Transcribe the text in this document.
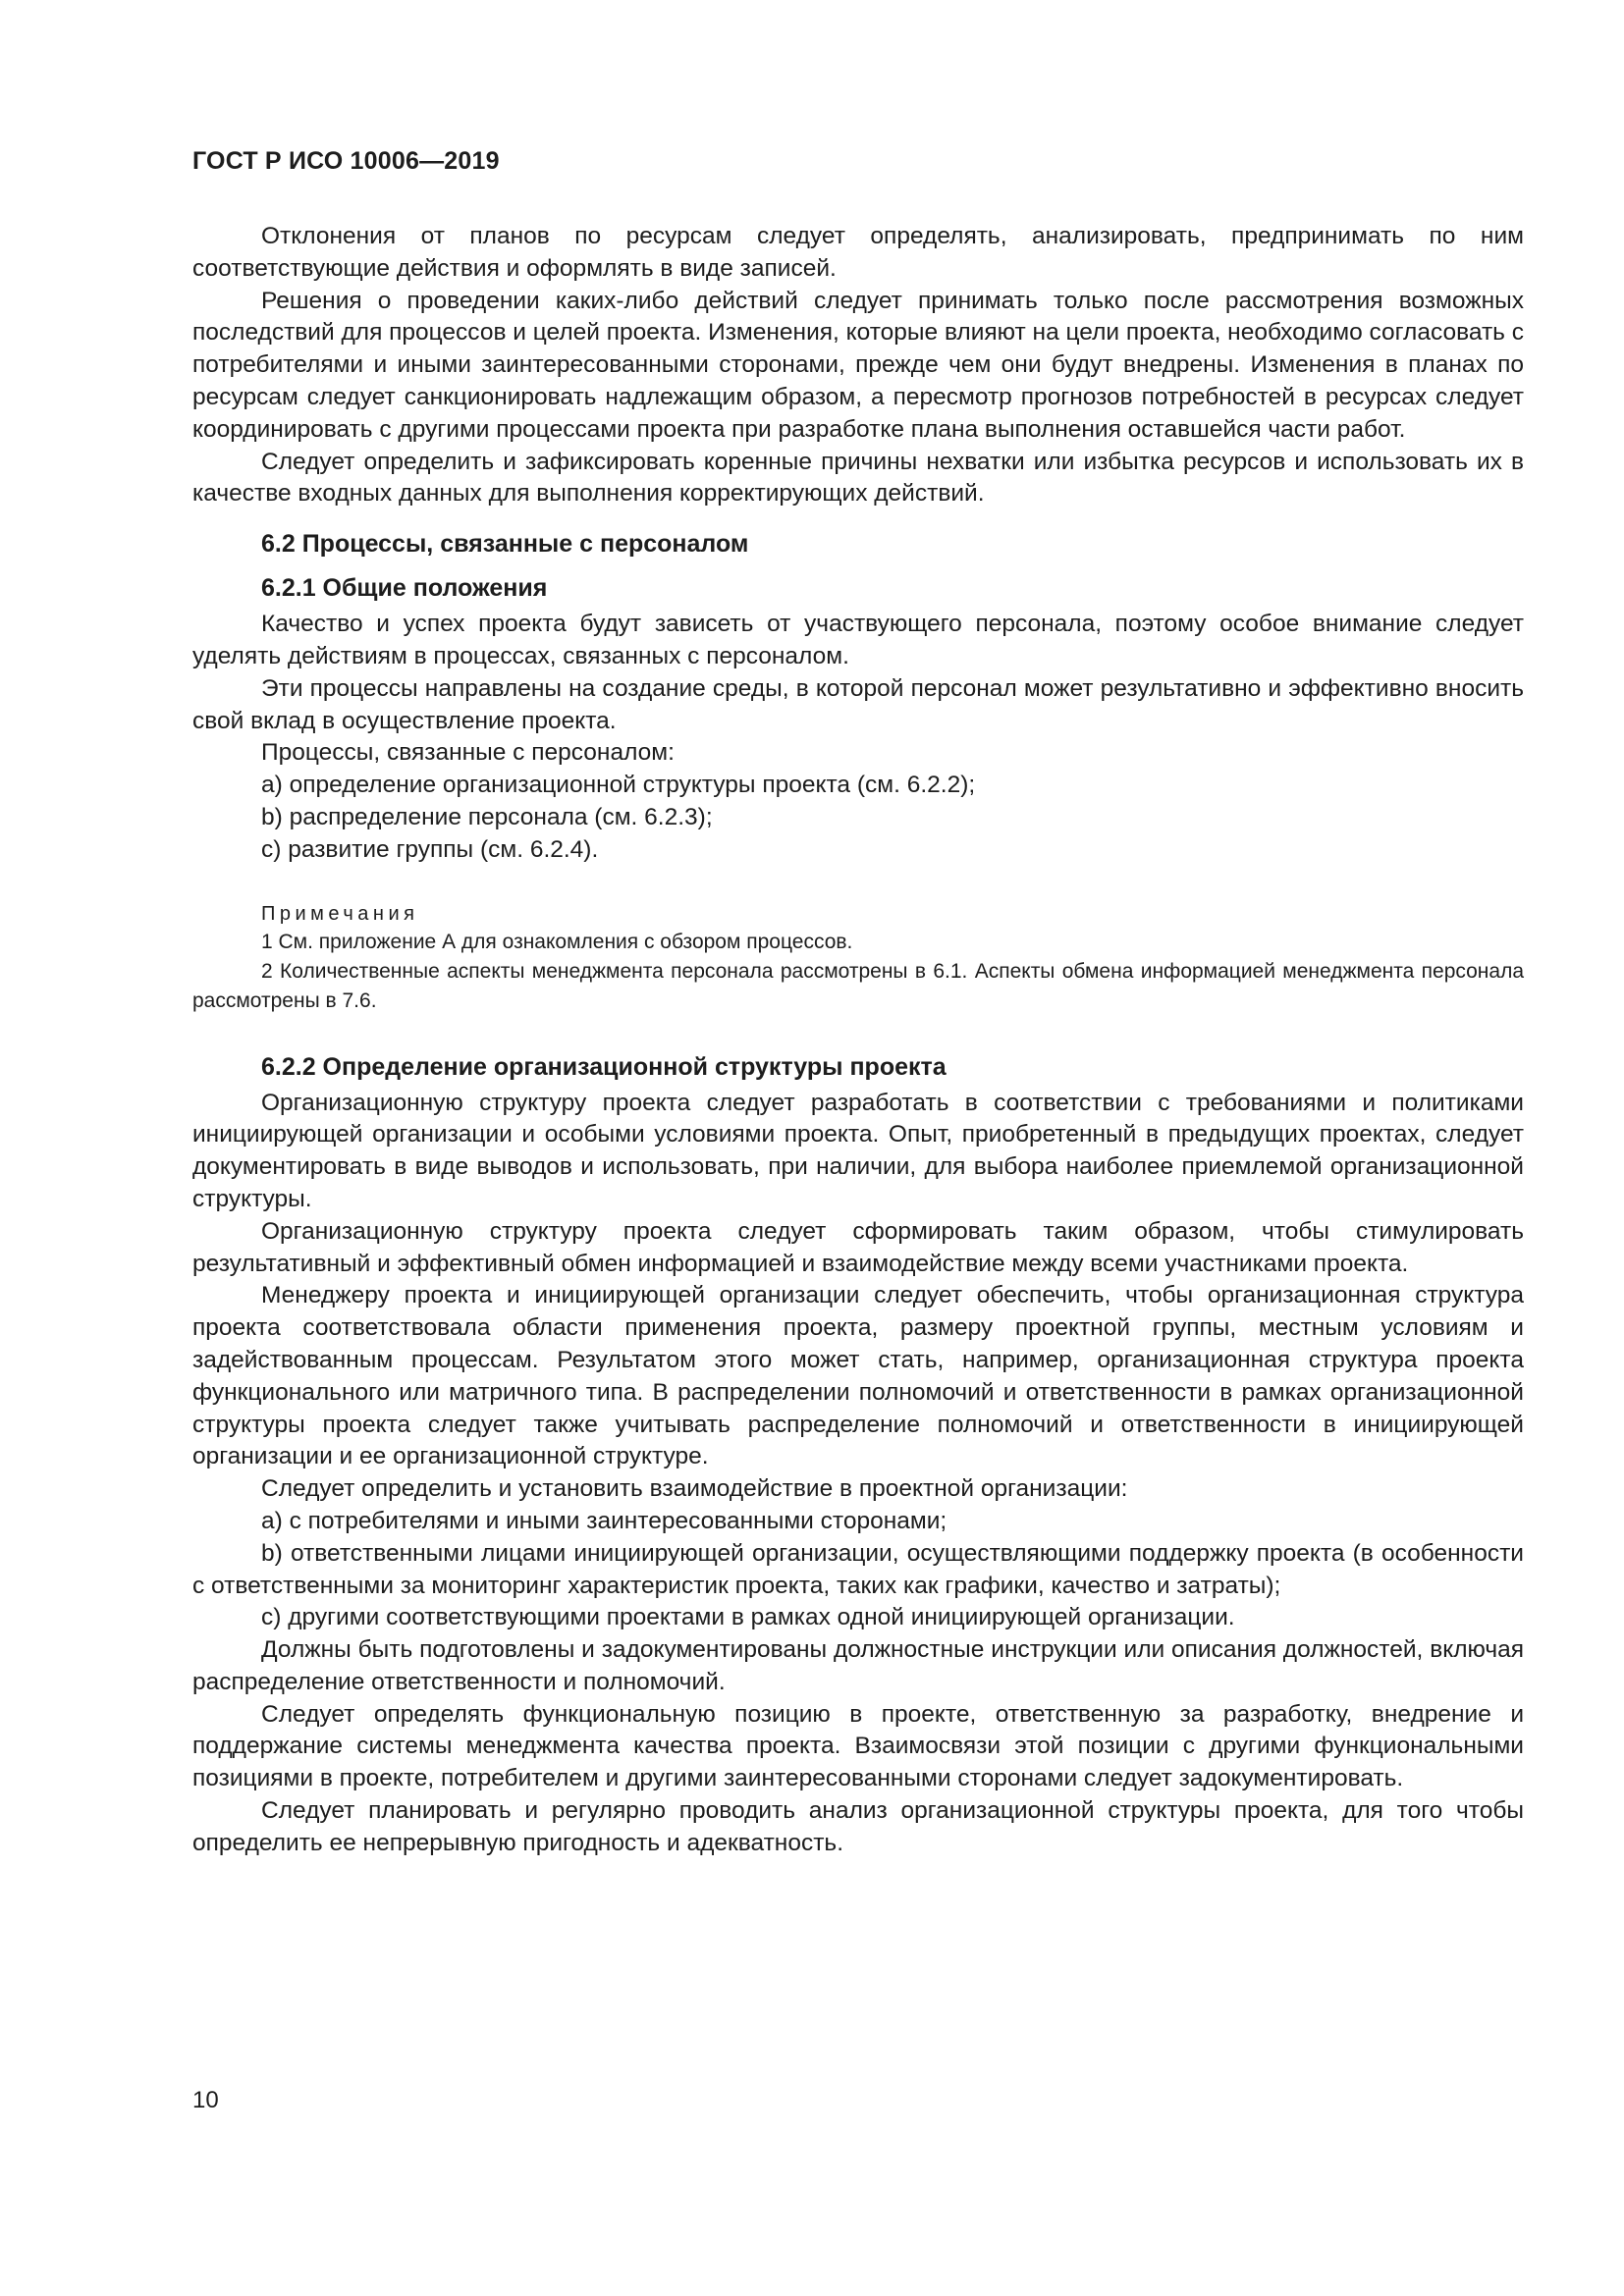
ГОСТ Р ИСО 10006—2019

Отклонения от планов по ресурсам следует определять, анализировать, предпринимать по ним соответствующие действия и оформлять в виде записей.

Решения о проведении каких-либо действий следует принимать только после рассмотрения возможных последствий для процессов и целей проекта. Изменения, которые влияют на цели проекта, необходимо согласовать с потребителями и иными заинтересованными сторонами, прежде чем они будут внедрены. Изменения в планах по ресурсам следует санкционировать надлежащим образом, а пересмотр прогнозов потребностей в ресурсах следует координировать с другими процессами проекта при разработке плана выполнения оставшейся части работ.

Следует определить и зафиксировать коренные причины нехватки или избытка ресурсов и использовать их в качестве входных данных для выполнения корректирующих действий.

6.2 Процессы, связанные с персоналом
6.2.1 Общие положения

Качество и успех проекта будут зависеть от участвующего персонала, поэтому особое внимание следует уделять действиям в процессах, связанных с персоналом.

Эти процессы направлены на создание среды, в которой персонал может результативно и эффективно вносить свой вклад в осуществление проекта.

Процессы, связанные с персоналом:

a) определение организационной структуры проекта (см. 6.2.2);

b) распределение персонала (см. 6.2.3);

c) развитие группы (см. 6.2.4).

Примечания

1 См. приложение А для ознакомления с обзором процессов.

2 Количественные аспекты менеджмента персонала рассмотрены в 6.1. Аспекты обмена информацией менеджмента персонала рассмотрены в 7.6.

6.2.2 Определение организационной структуры проекта

Организационную структуру проекта следует разработать в соответствии с требованиями и политиками инициирующей организации и особыми условиями проекта. Опыт, приобретенный в предыдущих проектах, следует документировать в виде выводов и использовать, при наличии, для выбора наиболее приемлемой организационной структуры.

Организационную структуру проекта следует сформировать таким образом, чтобы стимулировать результативный и эффективный обмен информацией и взаимодействие между всеми участниками проекта.

Менеджеру проекта и инициирующей организации следует обеспечить, чтобы организационная структура проекта соответствовала области применения проекта, размеру проектной группы, местным условиям и задействованным процессам. Результатом этого может стать, например, организационная структура проекта функционального или матричного типа. В распределении полномочий и ответственности в рамках организационной структуры проекта следует также учитывать распределение полномочий и ответственности в инициирующей организации и ее организационной структуре.

Следует определить и установить взаимодействие в проектной организации:

a) с потребителями и иными заинтересованными сторонами;

b) ответственными лицами инициирующей организации, осуществляющими поддержку проекта (в особенности с ответственными за мониторинг характеристик проекта, таких как графики, качество и затраты);

c) другими соответствующими проектами в рамках одной инициирующей организации.

Должны быть подготовлены и задокументированы должностные инструкции или описания должностей, включая распределение ответственности и полномочий.

Следует определять функциональную позицию в проекте, ответственную за разработку, внедрение и поддержание системы менеджмента качества проекта. Взаимосвязи этой позиции с другими функциональными позициями в проекте, потребителем и другими заинтересованными сторонами следует задокументировать.

Следует планировать и регулярно проводить анализ организационной структуры проекта, для того чтобы определить ее непрерывную пригодность и адекватность.

10
